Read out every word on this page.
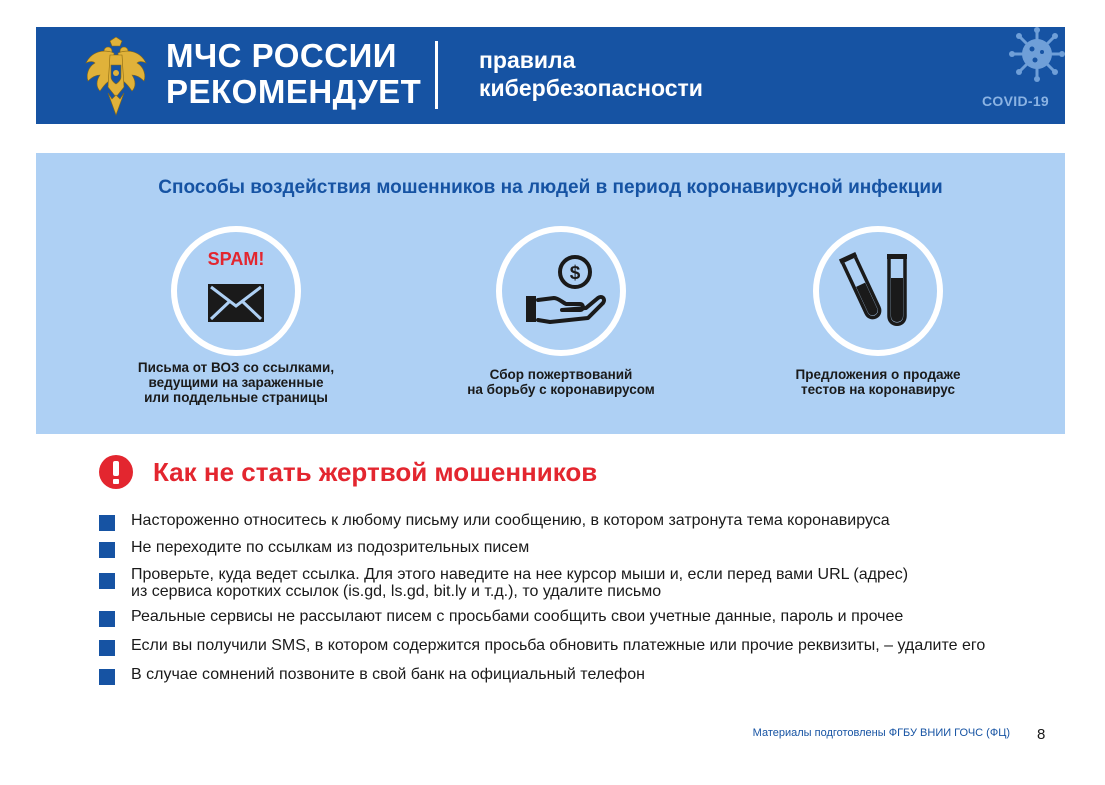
МЧС РОССИИ
РЕКОМЕНДУЕТ
правила
кибербезопасности	COVID-19
Способы воздействия мошенников на людей в период коронавирусной инфекции
SPAM!
Письма от ВОЗ со ссылками,
ведущими на зараженные
или поддельные страницы
$
Сбор пожертвований
на борьбу с коронавирусом
Предложения о продаже
тестов на коронавирус
Как не стать жертвой мошенников
Настороженно относитесь к любому письму или сообщению, в котором затронута тема коронавируса
Не переходите по ссылкам из подозрительных писем
Проверьте, куда ведет ссылка. Для этого наведите на нее курсор мыши и, если перед вами URL (адрес)
из сервиса коротких ссылок (is.gd, ls.gd, bit.ly и т.д.), то удалите письмо
Реальные сервисы не рассылают писем с просьбами сообщить свои учетные данные, пароль и прочее
Если вы получили SMS, в котором содержится просьба обновить платежные или прочие реквизиты, – удалите его
В случае сомнений позвоните в свой банк на официальный телефон
Материалы подготовлены ФГБУ ВНИИ ГОЧС (ФЦ) 8
